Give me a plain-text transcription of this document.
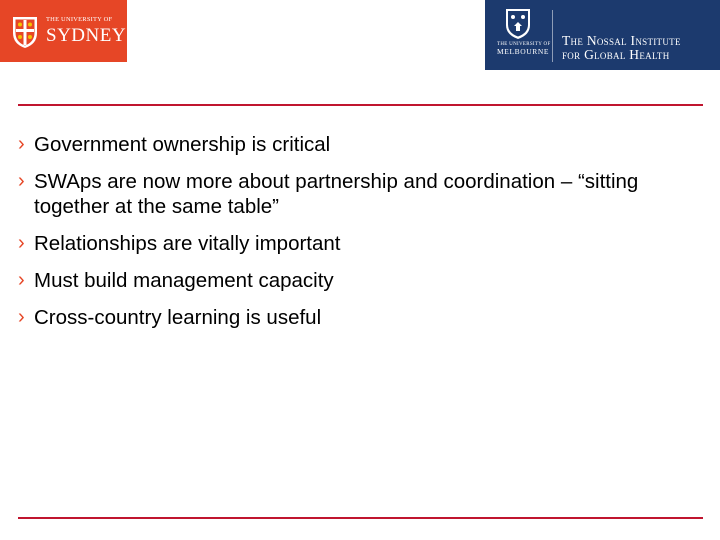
THE UNIVERSITY OF
SYDNEY	THE UNIVERSITY OF
MELBOURNE
The Nossal Institute
for Global Health
› Government ownership is critical
› SWAps are now more about partnership and coordination – “sitting together at the same table”
› Relationships are vitally important
› Must build management capacity
› Cross-country learning is useful
